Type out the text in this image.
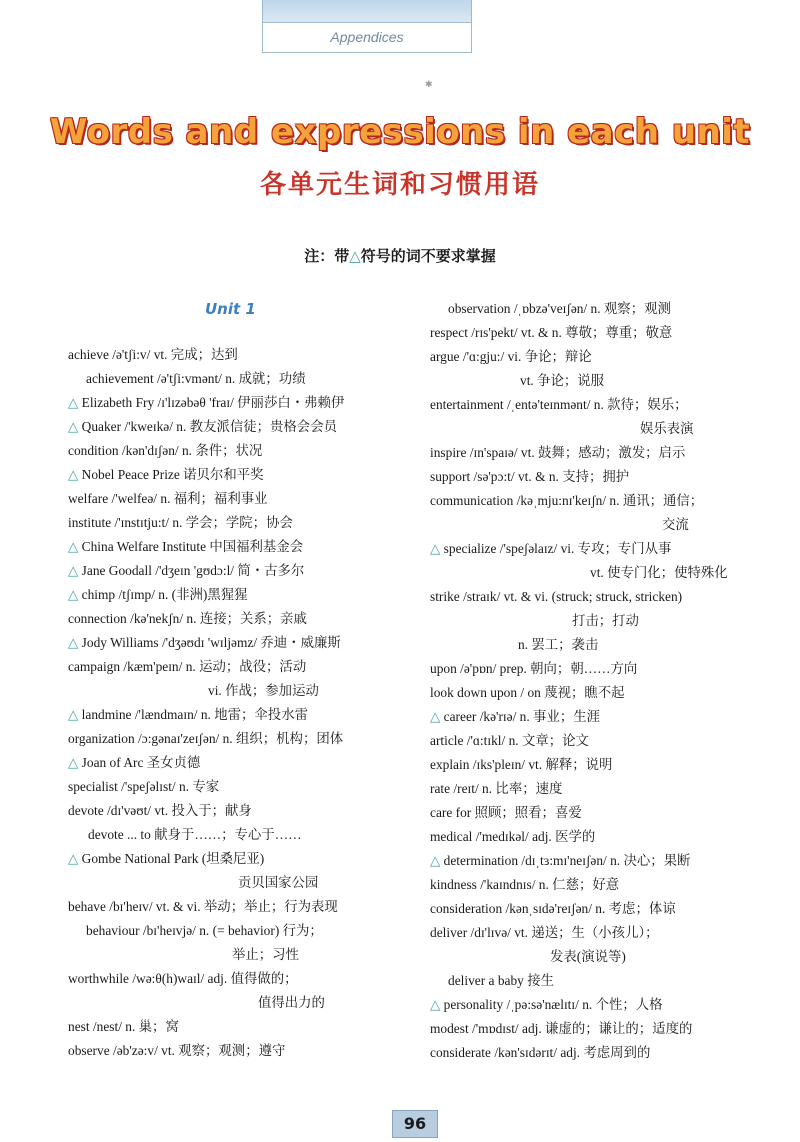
Appendices
✱
Words and expressions in each unit
各单元生词和习惯用语
注：带△符号的词不要求掌握
Unit 1
achieve /ə'tʃi:v/ vt. 完成；达到
achievement /ə'tʃi:vmənt/ n. 成就；功绩
△ Elizabeth Fry /ɪ'lɪzəbəθ 'fraɪ/ 伊丽莎白・弗赖伊
△ Quaker /'kweɪkə/ n. 教友派信徒；贵格会会员
condition /kən'dɪʃən/ n. 条件；状况
△ Nobel Peace Prize 诺贝尔和平奖
welfare /'welfeə/ n. 福利；福利事业
institute /'ɪnstɪtju:t/ n. 学会；学院；协会
△ China Welfare Institute 中国福利基金会
△ Jane Goodall /'dʒeɪn 'gʊdɔ:l/ 简・古多尔
△ chimp /tʃɪmp/ n. (非洲)黑猩猩
connection /kə'nekʃn/ n. 连接；关系；亲戚
△ Jody Williams /'dʒəʊdɪ 'wɪljəmz/ 乔迪・威廉斯
campaign /kæm'peɪn/ n. 运动；战役；活动
vi. 作战；参加运动
△ landmine /'lændmaɪn/ n. 地雷；伞投水雷
organization /ɔ:gənaɪ'zeɪʃən/ n. 组织；机构；团体
△ Joan of Arc 圣女贞德
specialist /'speʃəlɪst/ n. 专家
devote /dɪ'vəʊt/ vt. 投入于；献身
devote ... to 献身于……；专心于……
△ Gombe National Park (坦桑尼亚)
贡贝国家公园
behave /bɪ'heɪv/ vt. & vi. 举动；举止；行为表现
behaviour /bɪ'heɪvjə/ n. (= behavior) 行为；
举止；习性
worthwhile /wə:θ(h)waɪl/ adj. 值得做的；
值得出力的
nest /nest/ n. 巢；窝
observe /əb'zə:v/ vt. 观察；观测；遵守
observation /ˌɒbzə'veɪʃən/ n. 观察；观测
respect /rɪs'pekt/ vt. & n. 尊敬；尊重；敬意
argue /'ɑ:gju:/ vi. 争论；辩论
vt. 争论；说服
entertainment /ˌentə'teɪnmənt/ n. 款待；娱乐；
娱乐表演
inspire /ɪn'spaɪə/ vt. 鼓舞；感动；激发；启示
support /sə'pɔ:t/ vt. & n. 支持；拥护
communication /kəˌmju:nɪ'keɪʃn/ n. 通讯；通信；
交流
△ specialize /'speʃəlaɪz/ vi. 专攻；专门从事
vt. 使专门化；使特殊化
strike /straɪk/ vt. & vi. (struck; struck, stricken)
打击；打动
n. 罢工；袭击
upon /ə'pɒn/ prep. 朝向；朝……方向
look down upon / on 蔑视；瞧不起
△ career /kə'rɪə/ n. 事业；生涯
article /'ɑ:tɪkl/ n. 文章；论文
explain /ɪks'pleɪn/ vt. 解释；说明
rate /reɪt/ n. 比率；速度
care for 照顾；照看；喜爱
medical /'medɪkəl/ adj. 医学的
△ determination /dɪˌtɜ:mɪ'neɪʃən/ n. 决心；果断
kindness /'kaɪndnɪs/ n. 仁慈；好意
consideration /kənˌsɪdə'reɪʃən/ n. 考虑；体谅
deliver /dɪ'lɪvə/ vt. 递送；生（小孩儿）；
发表(演说等)
deliver a baby 接生
△ personality /ˌpə:sə'nælɪtɪ/ n. 个性；人格
modest /'mɒdɪst/ adj. 谦虚的；谦让的；适度的
considerate /kən'sɪdərɪt/ adj. 考虑周到的
96
